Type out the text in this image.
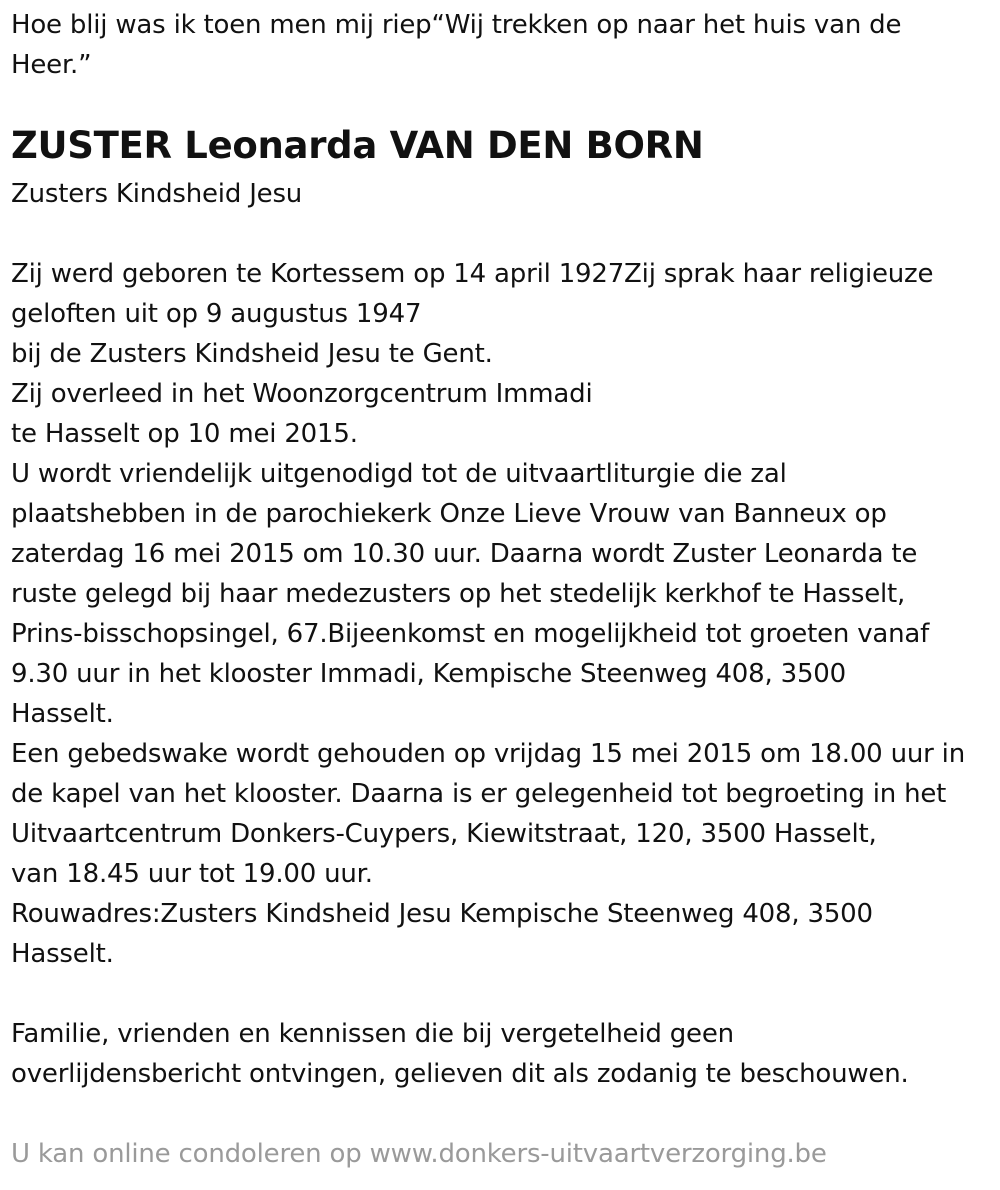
Hoe blij was ik toen men mij riep“Wij trekken op naar het huis van de

Heer.”

ZUSTER Leonarda VAN DEN BORN

Zusters Kindsheid Jesu

Zij werd geboren te Kortessem op 14 april 1927Zij sprak haar religieuze

geloften uit op 9 augustus 1947

bij de Zusters Kindsheid Jesu te Gent.

Zij overleed in het Woonzorgcentrum Immadi

te Hasselt op 10 mei 2015.

U wordt vriendelijk uitgenodigd tot de uitvaartliturgie die zal

plaatshebben in de parochiekerk Onze Lieve Vrouw van Banneux op

zaterdag 16 mei 2015 om 10.30 uur. Daarna wordt Zuster Leonarda te

ruste gelegd bij haar medezusters op het stedelijk kerkhof te Hasselt,

Prins-bisschopsingel, 67.Bijeenkomst en mogelijkheid tot groeten vanaf

9.30 uur in het klooster Immadi, Kempische Steenweg 408, 3500

Hasselt.

Een gebedswake wordt gehouden op vrijdag 15 mei 2015 om 18.00 uur in

de kapel van het klooster. Daarna is er gelegenheid tot begroeting in het

Uitvaartcentrum Donkers-Cuypers, Kiewitstraat, 120, 3500 Hasselt,

van 18.45 uur tot 19.00 uur.

Rouwadres:Zusters Kindsheid Jesu Kempische Steenweg 408, 3500

Hasselt.

Familie, vrienden en kennissen die bij vergetelheid geen

overlijdensbericht ontvingen, gelieven dit als zodanig te beschouwen.

U kan online condoleren op www.donkers-uitvaartverzorging.be
